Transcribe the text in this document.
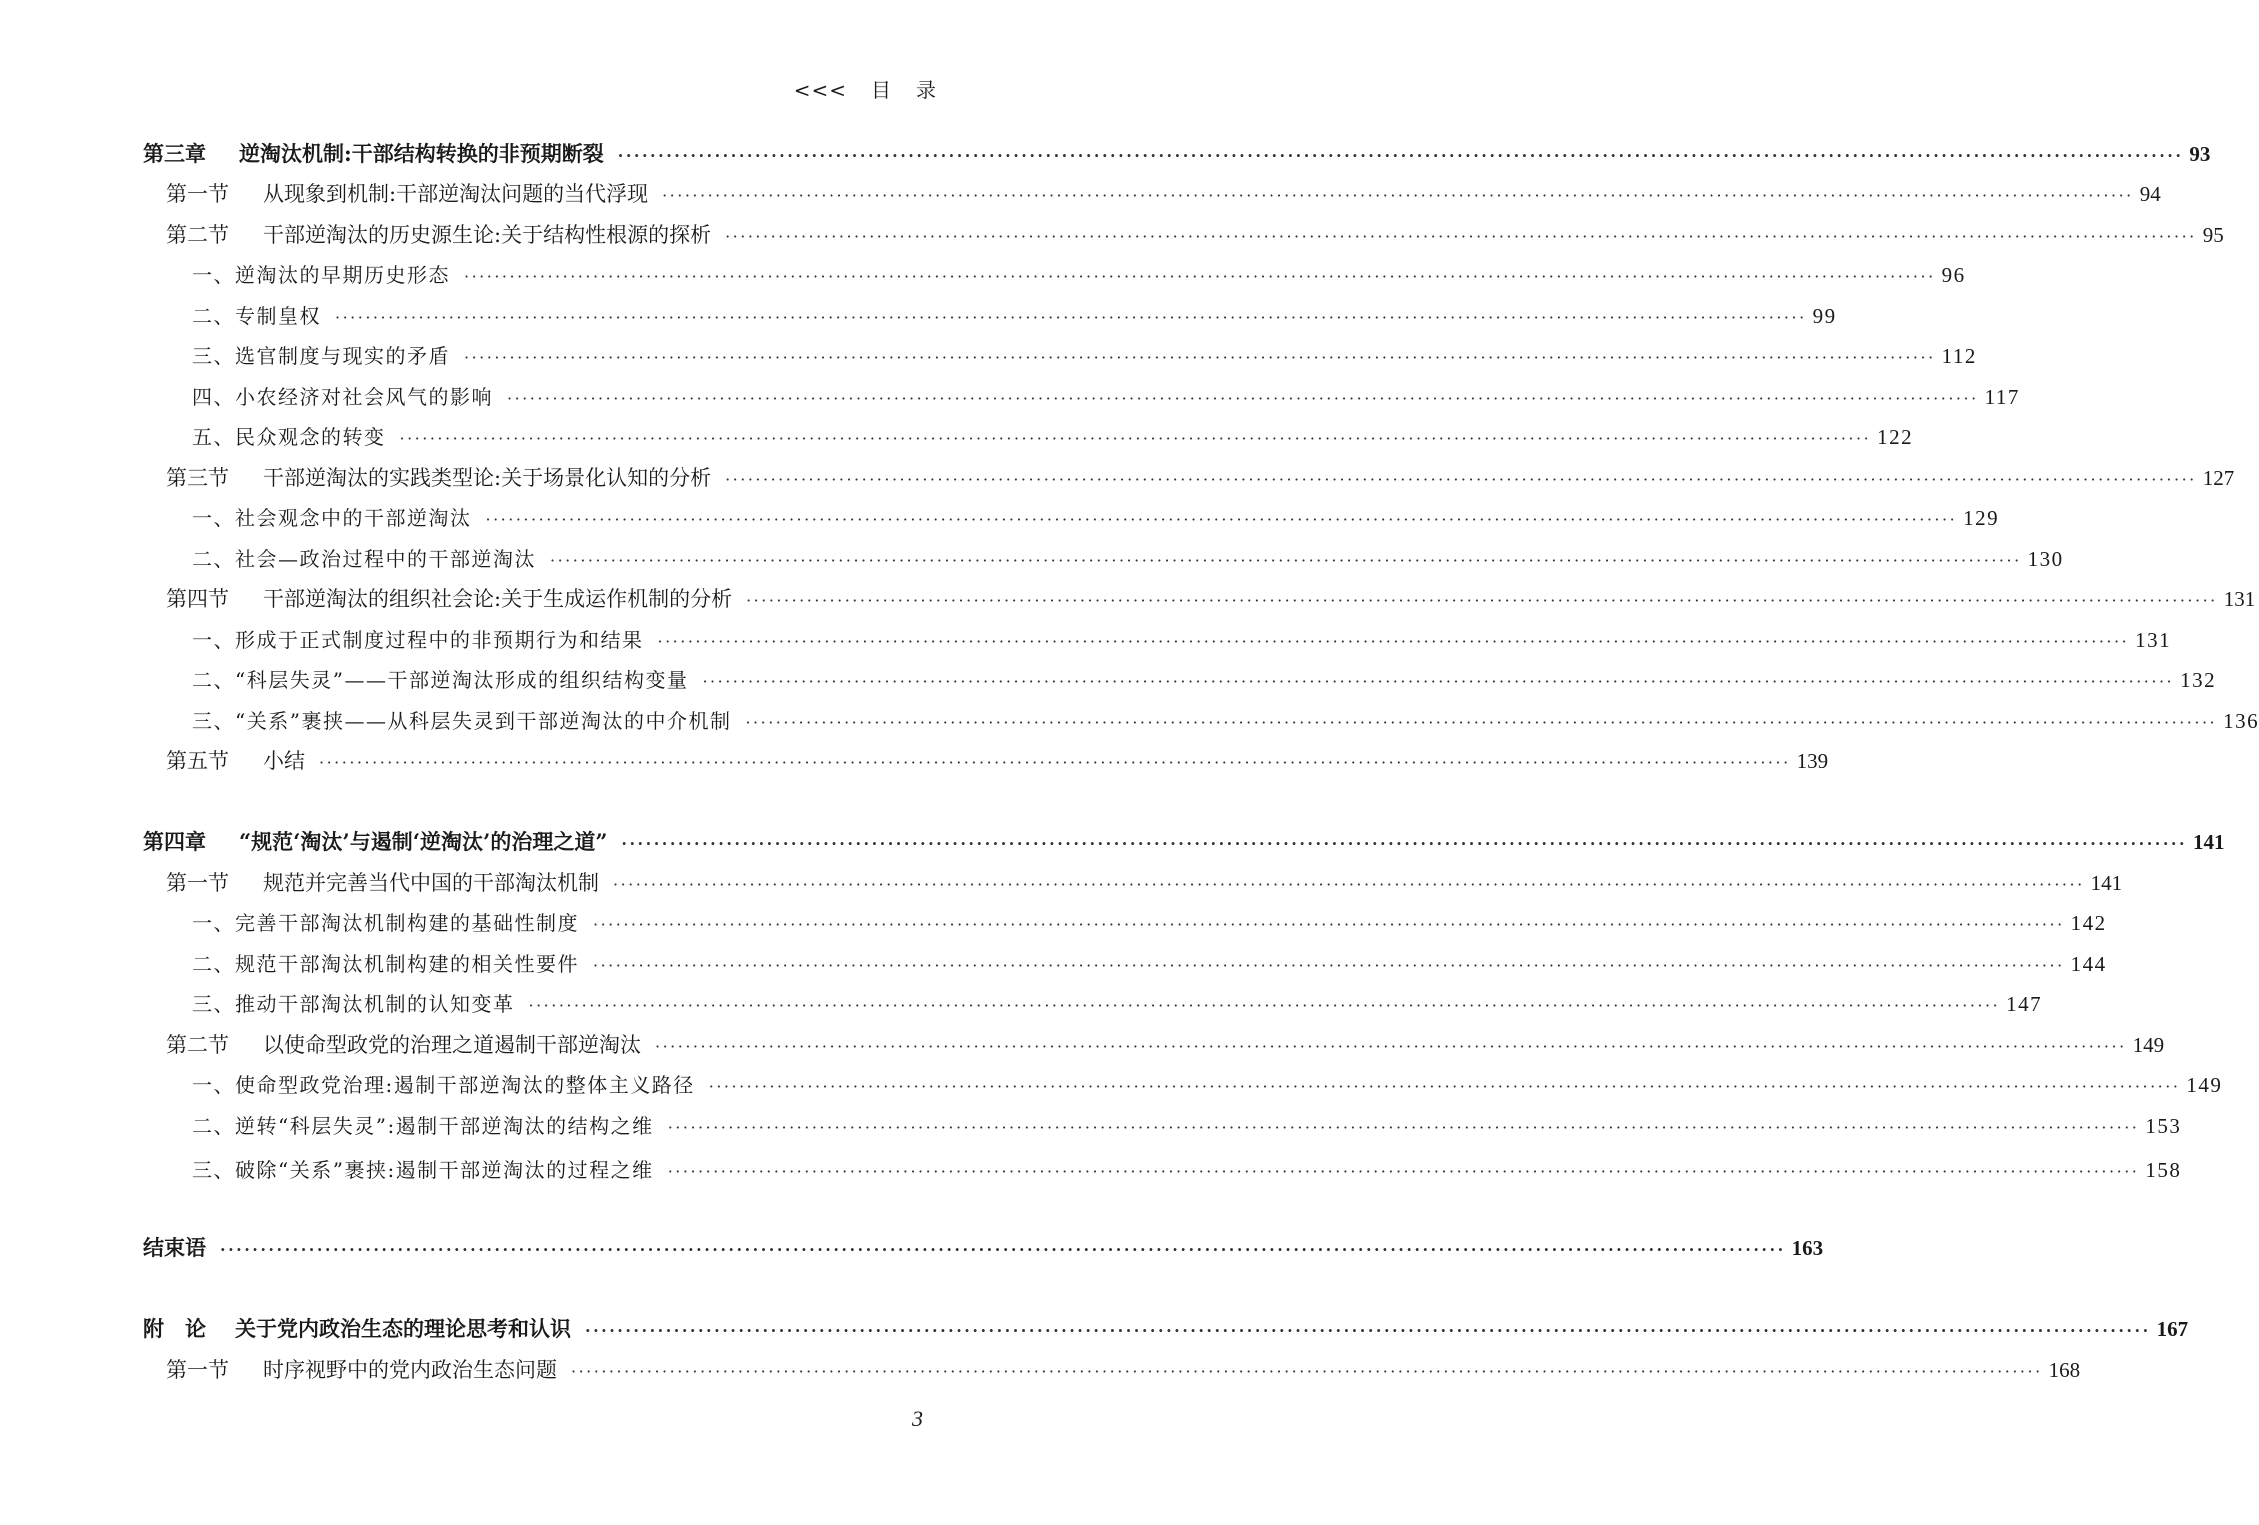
<<< 目 录
第三章 逆淘汰机制:干部结构转换的非预期断裂 ·····	93
第一节 从现象到机制:干部逆淘汰问题的当代浮现 ·····	94
第二节 干部逆淘汰的历史源生论:关于结构性根源的探析 ·····	95
一、逆淘汰的早期历史形态 ·····	96
二、专制皇权 ·····	99
三、选官制度与现实的矛盾 ·····	112
四、小农经济对社会风气的影响 ·····	117
五、民众观念的转变 ·····	122
第三节 干部逆淘汰的实践类型论:关于场景化认知的分析 ·····	127
一、社会观念中的干部逆淘汰 ·····	129
二、社会—政治过程中的干部逆淘汰 ·····	130
第四节 干部逆淘汰的组织社会论:关于生成运作机制的分析 ·····	131
一、形成于正式制度过程中的非预期行为和结果 ·····	131
二、“科层失灵”——干部逆淘汰形成的组织结构变量 ·····	132
三、“关系”裹挟——从科层失灵到干部逆淘汰的中介机制 ·····	136
第五节 小结 ·····	139
第四章 “规范‘淘汰’与遏制‘逆淘汰’的治理之道” ·····	141
第一节 规范并完善当代中国的干部淘汰机制 ·····	141
一、完善干部淘汰机制构建的基础性制度 ·····	142
二、规范干部淘汰机制构建的相关性要件 ·····	144
三、推动干部淘汰机制的认知变革 ·····	147
第二节 以使命型政党的治理之道遏制干部逆淘汰 ·····	149
一、使命型政党治理:遏制干部逆淘汰的整体主义路径 ·····	149
二、逆转“科层失灵”:遏制干部逆淘汰的结构之维 ·····	153
三、破除“关系”裹挟:遏制干部逆淘汰的过程之维 ·····	158
结束语 ·····	163
附　论 关于党内政治生态的理论思考和认识 ·····	167
第一节 时序视野中的党内政治生态问题 ·····	168
3
